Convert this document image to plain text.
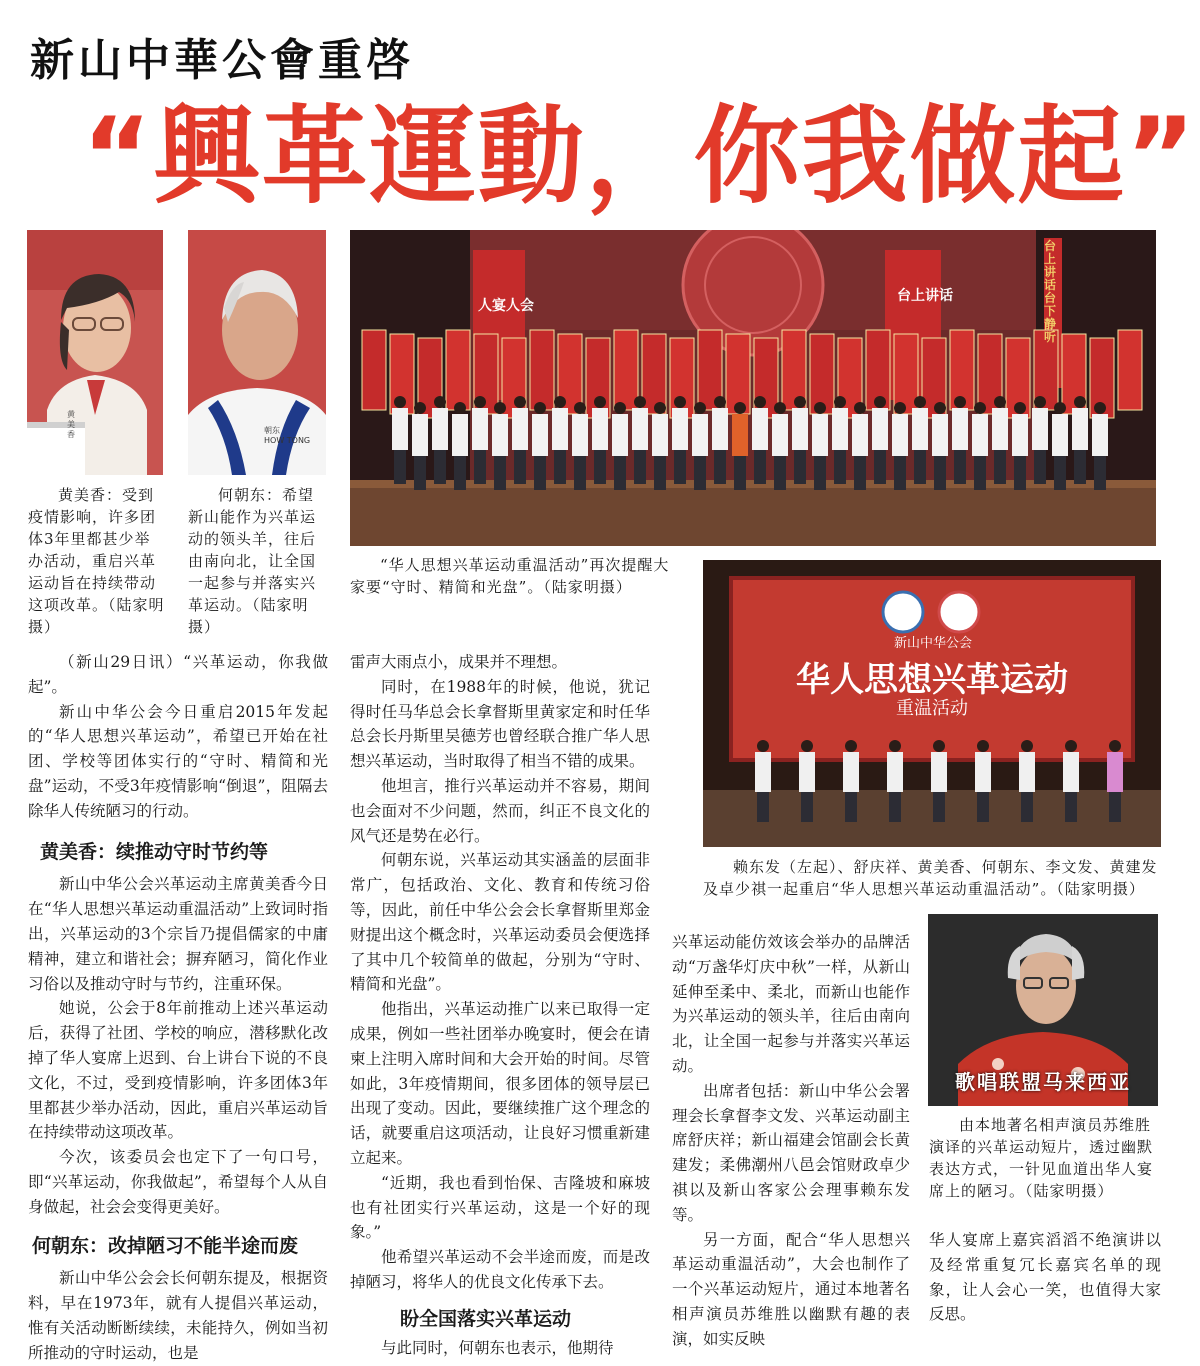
新山中華公會重啓
“興革運動，你我做起”
黄
美
香	朝东
HOW TONG
黄美香：受到疫情影响，许多团体3年里都甚少举办活动，重启兴革运动旨在持续带动这项改革。（陆家明摄）
何朝东：希望新山能作为兴革运动的领头羊，往后由南向北，让全国一起参与并落实兴革运动。（陆家明摄）
台上讲话
人宴人会
台上讲话台下静听
“华人思想兴革运动重温活动”再次提醒大家要“守时、精简和光盘”。（陆家明摄）
新山中华公会
华人思想兴革运动
重温活动
赖东发（左起）、舒庆祥、黄美香、何朝东、李文发、黄建发及卓少祺一起重启“华人思想兴革运动重温活动”。（陆家明摄）
歌唱联盟马来西亚
由本地著名相声演员苏维胜演译的兴革运动短片，透过幽默表达方式，一针见血道出华人宴席上的陋习。（陆家明摄）

（新山29日讯）“兴革运动，你我做起”。

新山中华公会今日重启2015年发起的“华人思想兴革运动”，希望已开始在社团、学校等团体实行的“守时、精简和光盘”运动，不受3年疫情影响“倒退”，阻隔去除华人传统陋习的行动。

黄美香：续推动守时节约等

新山中华公会兴革运动主席黄美香今日在“华人思想兴革运动重温活动”上致词时指出，兴革运动的3个宗旨乃提倡儒家的中庸精神，建立和谐社会；摒弃陋习，简化作业习俗以及推动守时与节约，注重环保。

她说，公会于8年前推动上述兴革运动后，获得了社团、学校的响应，潜移默化改掉了华人宴席上迟到、台上讲台下说的不良文化，不过，受到疫情影响，许多团体3年里都甚少举办活动，因此，重启兴革运动旨在持续带动这项改革。

今次，该委员会也定下了一句口号，即“兴革运动，你我做起”，希望每个人从自身做起，社会会变得更美好。

何朝东：改掉陋习不能半途而废

新山中华公会会长何朝东提及，根据资料，早在1973年，就有人提倡兴革运动，惟有关活动断断续续，未能持久，例如当初所推动的守时运动，也是

雷声大雨点小，成果并不理想。

同时，在1988年的时候，他说，犹记得时任马华总会长拿督斯里黄家定和时任华总会长丹斯里吴德芳也曾经联合推广华人思想兴革运动，当时取得了相当不错的成果。

他坦言，推行兴革运动并不容易，期间也会面对不少问题，然而，纠正不良文化的风气还是势在必行。

何朝东说，兴革运动其实涵盖的层面非常广，包括政治、文化、教育和传统习俗等，因此，前任中华公会会长拿督斯里郑金财提出这个概念时，兴革运动委员会便选择了其中几个较简单的做起，分别为“守时、精简和光盘”。

他指出，兴革运动推广以来已取得一定成果，例如一些社团举办晚宴时，便会在请柬上注明入席时间和大会开始的时间。尽管如此，3年疫情期间，很多团体的领导层已出现了变动。因此，要继续推广这个理念的话，就要重启这项活动，让良好习惯重新建立起来。

“近期，我也看到怡保、吉隆坡和麻坡也有社团实行兴革运动，这是一个好的现象。”

他希望兴革运动不会半途而废，而是改掉陋习，将华人的优良文化传承下去。

盼全国落实兴革运动

与此同时，何朝东也表示，他期待

兴革运动能仿效该会举办的品牌活动“万盏华灯庆中秋”一样，从新山延伸至柔中、柔北，而新山也能作为兴革运动的领头羊，往后由南向北，让全国一起参与并落实兴革运动。

出席者包括：新山中华公会署理会长拿督李文发、兴革运动副主席舒庆祥；新山福建会馆副会长黄建发；柔佛潮州八邑会馆财政卓少祺以及新山客家公会理事赖东发等。

另一方面，配合“华人思想兴革运动重温活动”，大会也制作了一个兴革运动短片，通过本地著名相声演员苏维胜以幽默有趣的表演，如实反映

华人宴席上嘉宾滔滔不绝演讲以及经常重复冗长嘉宾名单的现象，让人会心一笑，也值得大家反思。
